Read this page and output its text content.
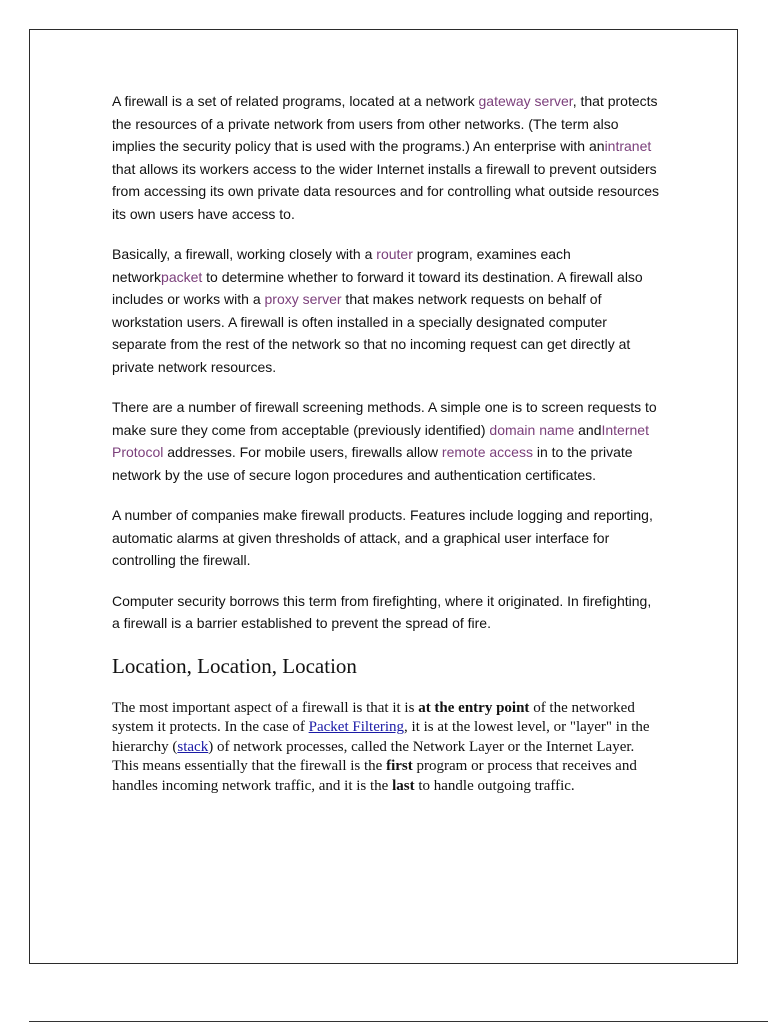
A firewall is a set of related programs, located at a network gateway server, that protects the resources of a private network from users from other networks. (The term also implies the security policy that is used with the programs.) An enterprise with anintranet that allows its workers access to the wider Internet installs a firewall to prevent outsiders from accessing its own private data resources and for controlling what outside resources its own users have access to.

Basically, a firewall, working closely with a router program, examines each networkpacket to determine whether to forward it toward its destination. A firewall also includes or works with a proxy server that makes network requests on behalf of workstation users. A firewall is often installed in a specially designated computer separate from the rest of the network so that no incoming request can get directly at private network resources.

There are a number of firewall screening methods. A simple one is to screen requests to make sure they come from acceptable (previously identified) domain name andInternet Protocol addresses. For mobile users, firewalls allow remote access in to the private network by the use of secure logon procedures and authentication certificates.

A number of companies make firewall products. Features include logging and reporting, automatic alarms at given thresholds of attack, and a graphical user interface for controlling the firewall.

Computer security borrows this term from firefighting, where it originated. In firefighting, a firewall is a barrier established to prevent the spread of fire.

Location, Location, Location

The most important aspect of a firewall is that it is at the entry point of the networked system it protects. In the case of Packet Filtering, it is at the lowest level, or "layer" in the hierarchy (stack) of network processes, called the Network Layer or the Internet Layer. This means essentially that the firewall is the first program or process that receives and handles incoming network traffic, and it is the last to handle outgoing traffic.
